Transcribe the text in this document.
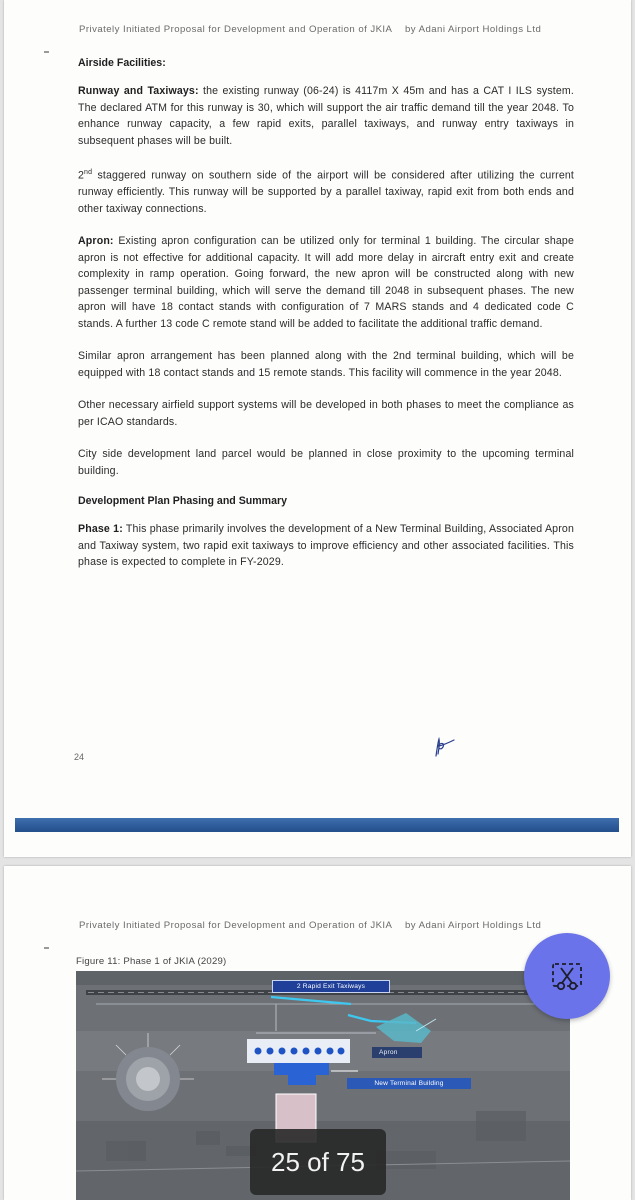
Privately Initiated Proposal for Development and Operation of JKIA by Adani Airport Holdings Ltd
Airside Facilities:

Runway and Taxiways: the existing runway (06-24) is 4117m X 45m and has a CAT I ILS system. The declared ATM for this runway is 30, which will support the air traffic demand till the year 2048. To enhance runway capacity, a few rapid exits, parallel taxiways, and runway entry taxiways in subsequent phases will be built.

2nd staggered runway on southern side of the airport will be considered after utilizing the current runway efficiently. This runway will be supported by a parallel taxiway, rapid exit from both ends and other taxiway connections.

Apron: Existing apron configuration can be utilized only for terminal 1 building. The circular shape apron is not effective for additional capacity. It will add more delay in aircraft entry exit and create complexity in ramp operation. Going forward, the new apron will be constructed along with new passenger terminal building, which will serve the demand till 2048 in subsequent phases. The new apron will have 18 contact stands with configuration of 7 MARS stands and 4 dedicated code C stands. A further 13 code C remote stand will be added to facilitate the additional traffic demand.

Similar apron arrangement has been planned along with the 2nd terminal building, which will be equipped with 18 contact stands and 15 remote stands. This facility will commence in the year 2048.

Other necessary airfield support systems will be developed in both phases to meet the compliance as per ICAO standards.

City side development land parcel would be planned in close proximity to the upcoming terminal building.

Development Plan Phasing and Summary

Phase 1: This phase primarily involves the development of a New Terminal Building, Associated Apron and Taxiway system, two rapid exit taxiways to improve efficiency and other associated facilities. This phase is expected to complete in FY-2029.

24
Privately Initiated Proposal for Development and Operation of JKIA by Adani Airport Holdings Ltd
Figure 11: Phase 1 of JKIA (2029)
2 Rapid Exit Taxiways
Apron
New Terminal Building
25 of 75
